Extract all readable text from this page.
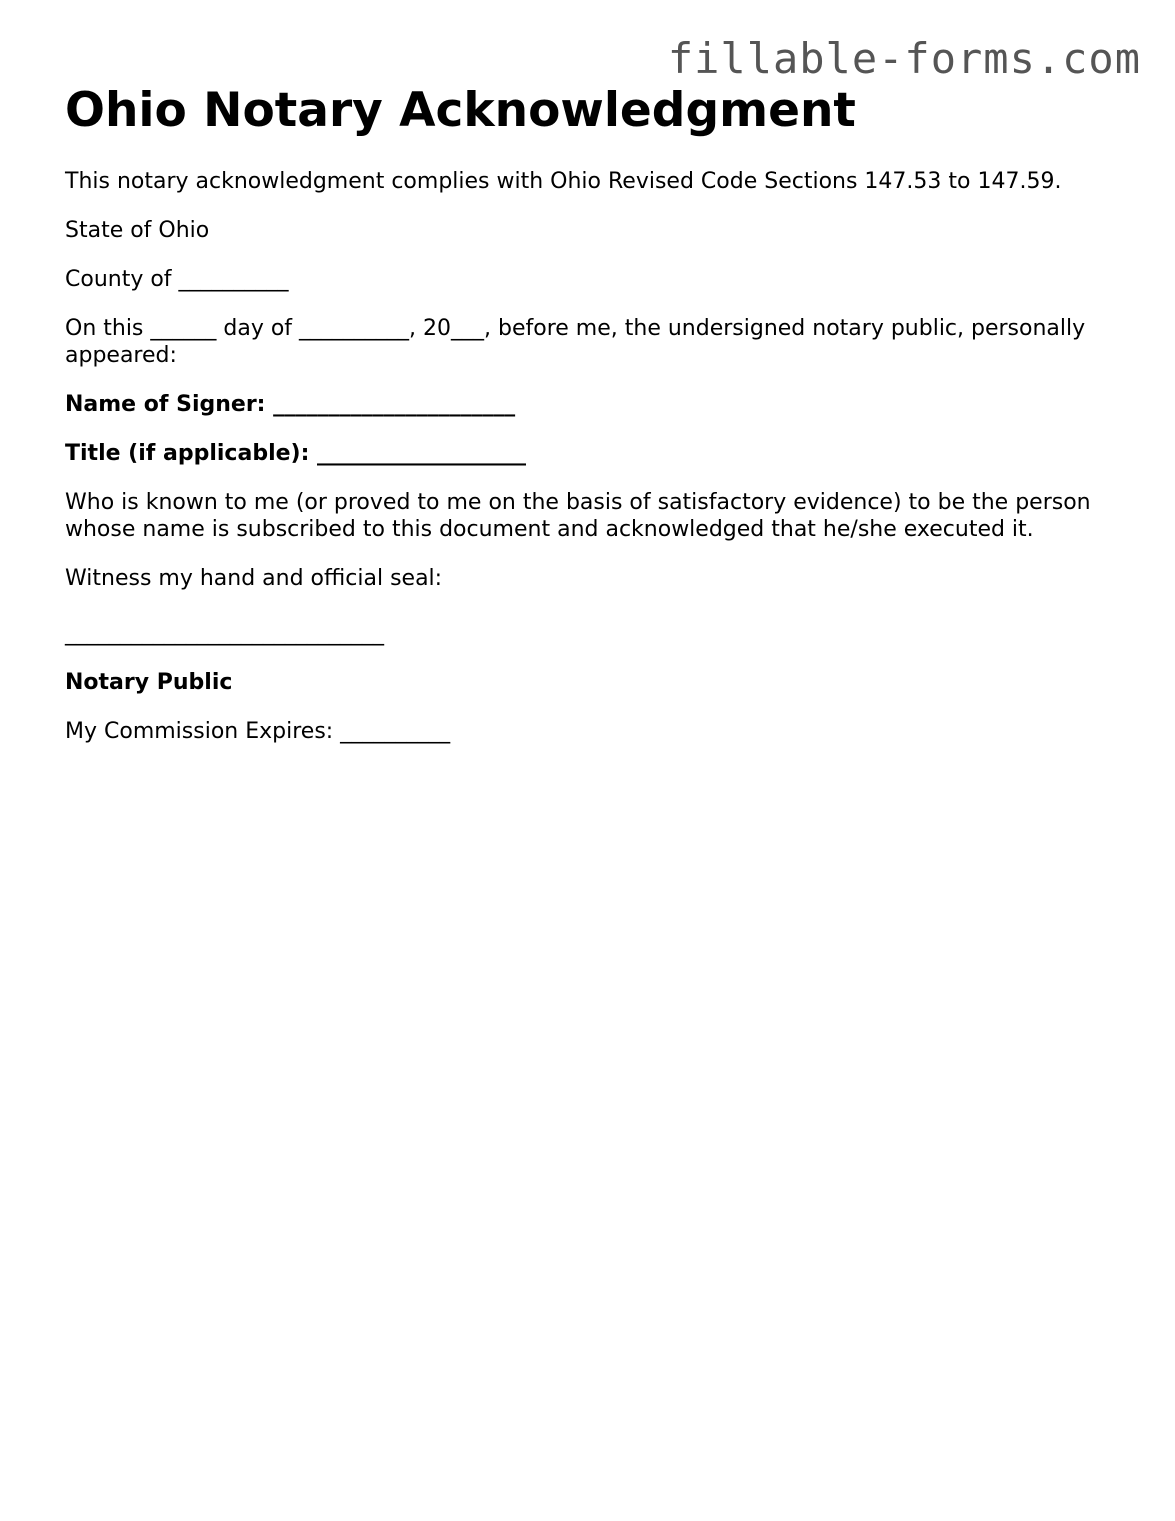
fillable-forms.com
Ohio Notary Acknowledgment

This notary acknowledgment complies with Ohio Revised Code Sections 147.53 to 147.59.

State of Ohio

County of __________

On this ______ day of __________, 20___, before me, the undersigned notary public, personally appeared:

Name of Signer: ______________________

Title (if applicable): ___________________

Who is known to me (or proved to me on the basis of satisfactory evidence) to be the person whose name is subscribed to this document and acknowledged that he/she executed it.

Witness my hand and official seal:

_____________________________

Notary Public

My Commission Expires: __________
